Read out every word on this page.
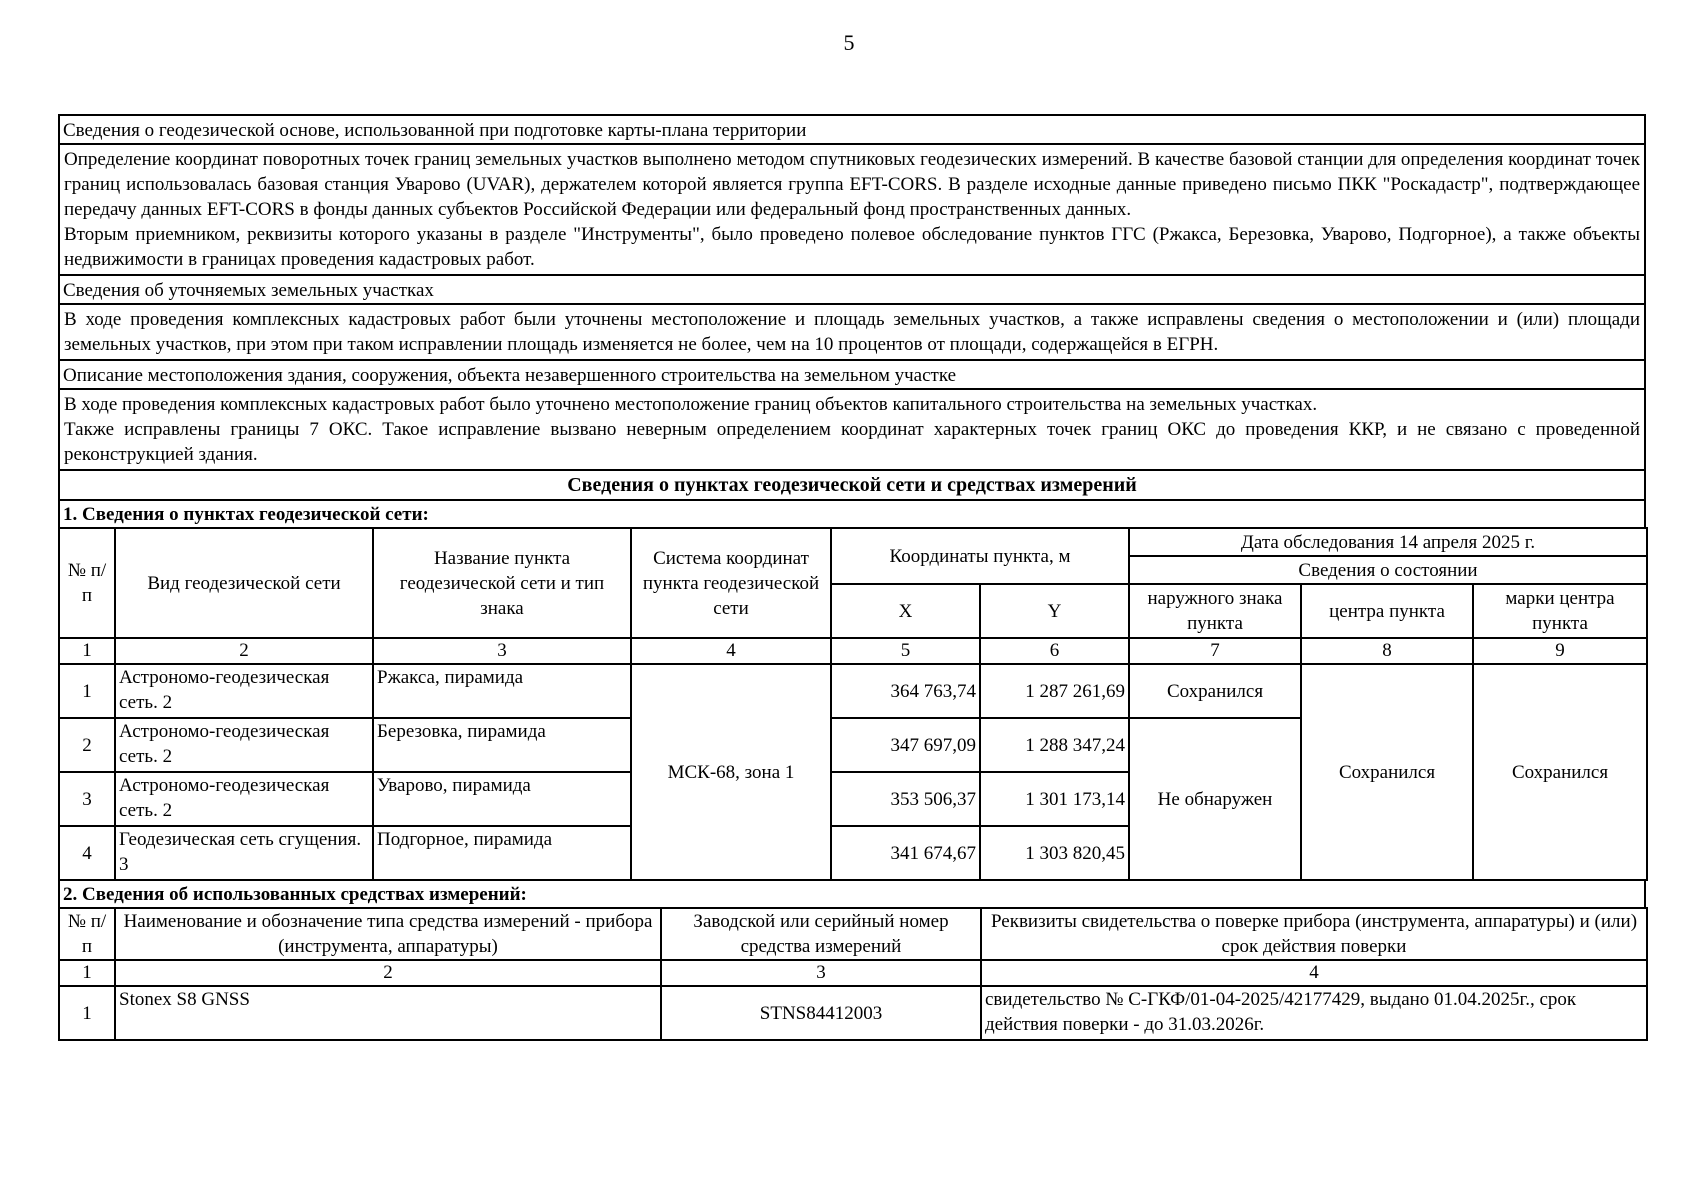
5
Сведения о геодезической основе, использованной при подготовке карты-плана территории

Определение координат поворотных точек границ земельных участков выполнено методом спутниковых геодезических измерений. В качестве базовой станции для определения координат точек границ использовалась базовая станция Уварово (UVAR), держателем которой является группа EFT-CORS. В разделе исходные данные приведено письмо ПКК "Роскадастр", подтверждающее передачу данных EFT-CORS в фонды данных субъектов Российской Федерации или федеральный фонд пространственных данных.

Вторым приемником, реквизиты которого указаны в разделе "Инструменты", было проведено полевое обследование пунктов ГГС (Ржакса, Березовка, Уварово, Подгорное), а также объекты недвижимости в границах проведения кадастровых работ.

Сведения об уточняемых земельных участках

В ходе проведения комплексных кадастровых работ были уточнены местоположение и площадь земельных участков, а также исправлены сведения о местоположении и (или) площади земельных участков, при этом при таком исправлении площадь изменяется не более, чем на 10 процентов от площади, содержащейся в ЕГРН.

Описание местоположения здания, сооружения, объекта незавершенного строительства на земельном участке

В ходе проведения комплексных кадастровых работ было уточнено местоположение границ объектов капитального строительства на земельных участках.

Также исправлены границы 7 ОКС. Такое исправление вызвано неверным определением координат характерных точек границ ОКС до проведения ККР, и не связано с проведенной реконструкцией здания.

Сведения о пунктах геодезической сети и средствах измерений
1. Сведения о пунктах геодезической сети:
№ п/п	Вид геодезической сети	Название пункта геодезической сети и тип знака	Система координат пункта геодезической сети	Координаты пункта, м		Дата обследования 14 апреля 2025 г.		
						Сведения о состоянии		
				X	Y	наружного знака пункта	центра пункта	марки центра пункта
1	2	3	4	5	6	7	8	9
1	Астрономо-геодезическая сеть. 2	Ржакса, пирамида	МСК-68, зона 1	364 763,74	1 287 261,69	Сохранился	Сохранился	Сохранился
2	Астрономо-геодезическая сеть. 2	Березовка, пирамида		347 697,09	1 288 347,24	Не обнаружен		
3	Астрономо-геодезическая сеть. 2	Уварово, пирамида		353 506,37	1 301 173,14			
4	Геодезическая сеть сгущения. 3	Подгорное, пирамида		341 674,67	1 303 820,45			
2. Сведения об использованных средствах измерений:
№ п/п	Наименование и обозначение типа средства измерений - прибора (инструмента, аппаратуры)	Заводской или серийный номер средства измерений	Реквизиты свидетельства о поверке прибора (инструмента, аппаратуры) и (или) срок действия поверки
1	2	3	4
1	Stonex S8 GNSS	STNS84412003	свидетельство № С-ГКФ/01-04-2025/42177429, выдано 01.04.2025г., срок действия поверки - до 31.03.2026г.
